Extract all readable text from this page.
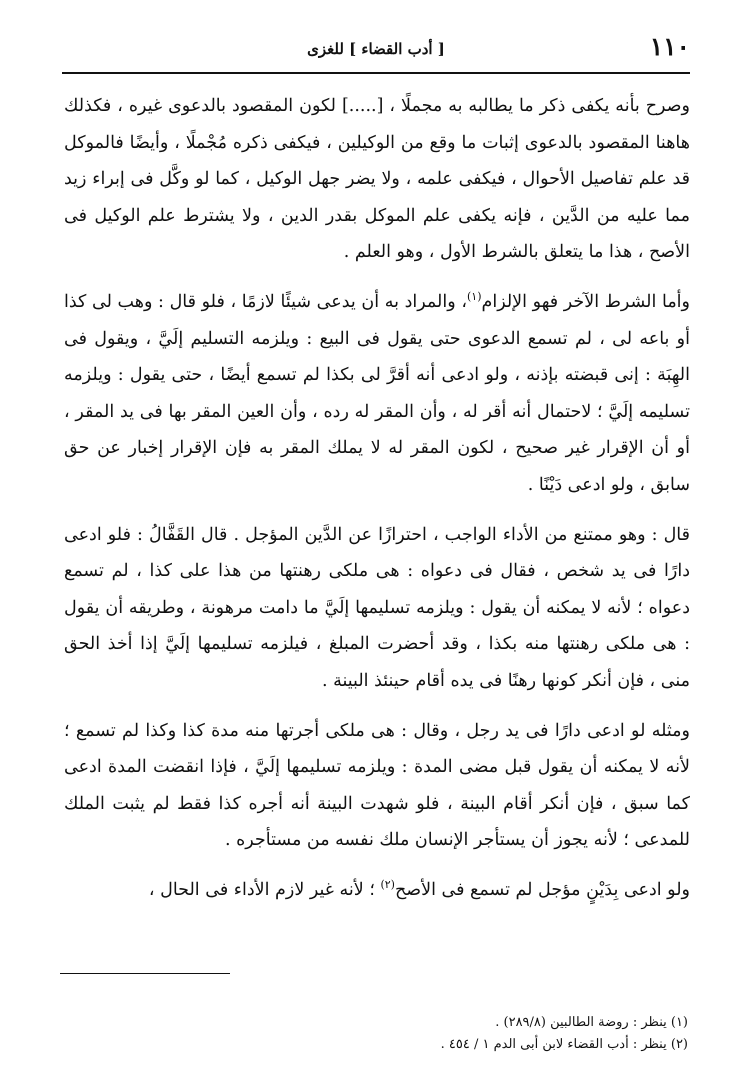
١١٠
[ أدب القضاء ] للغزى

وصرح بأنه يكفى ذكر ما يطالبه به مجملًا ، [.....] لكون المقصود بالدعوى غيره ، فكذلك هاهنا المقصود بالدعوى إثبات ما وقع من الوكيلين ، فيكفى ذكره مُجْملًا ، وأيضًا فالموكل قد علم تفاصيل الأحوال ، فيكفى علمه ، ولا يضر جهل الوكيل ، كما لو وكَّل فى إبراء زيد مما عليه من الدَّين ، فإنه يكفى علم الموكل بقدر الدين ، ولا يشترط علم الوكيل فى الأصح ، هذا ما يتعلق بالشرط الأول ، وهو العلم .

وأما الشرط الآخر فهو الإلزام$^{(١)}$، والمراد به أن يدعى شيئًا لازمًا ، فلو قال : وهب لى كذا أو باعه لى ، لم تسمع الدعوى حتى يقول فى البيع : ويلزمه التسليم إلَيَّ ، ويقول فى الهِبَة : إنى قبضته بإذنه ، ولو ادعى أنه أقرَّ لى بكذا لم تسمع أيضًا ، حتى يقول : ويلزمه تسليمه إلَيَّ ؛ لاحتمال أنه أقر له ، وأن المقر له رده ، وأن العين المقر بها فى يد المقر ، أو أن الإقرار غير صحيح ، لكون المقر له لا يملك المقر به فإن الإقرار إخبار عن حق سابق ، ولو ادعى دَيْنًا .

قال : وهو ممتنع من الأداء الواجب ، احترازًا عن الدَّين المؤجل . قال القَفَّالُ : فلو ادعى دارًا فى يد شخص ، فقال فى دعواه : هى ملكى رهنتها من هذا على كذا ، لم تسمع دعواه ؛ لأنه لا يمكنه أن يقول : ويلزمه تسليمها إلَيَّ ما دامت مرهونة ، وطريقه أن يقول : هى ملكى رهنتها منه بكذا ، وقد أحضرت المبلغ ، فيلزمه تسليمها إلَيَّ إذا أخذ الحق منى ، فإن أنكر كونها رهنًا فى يده أقام حينئذ البينة .

ومثله لو ادعى دارًا فى يد رجل ، وقال : هى ملكى أجرتها منه مدة كذا وكذا لم تسمع ؛ لأنه لا يمكنه أن يقول قبل مضى المدة : ويلزمه تسليمها إلَيَّ ، فإذا انقضت المدة ادعى كما سبق ، فإن أنكر أقام البينة ، فلو شهدت البينة أنه أجره كذا فقط لم يثبت الملك للمدعى ؛ لأنه يجوز أن يستأجر الإنسان ملك نفسه من مستأجره .

ولو ادعى بِدَيْنٍ مؤجل لم تسمع فى الأصح$^{(٢)}$ ؛ لأنه غير لازم الأداء فى الحال ،

(١) ينظر : روضة الطالبين (٢٨٩/٨) .

(٢) ينظر : أدب القضاء لابن أبى الدم ١ / ٤٥٤ .
